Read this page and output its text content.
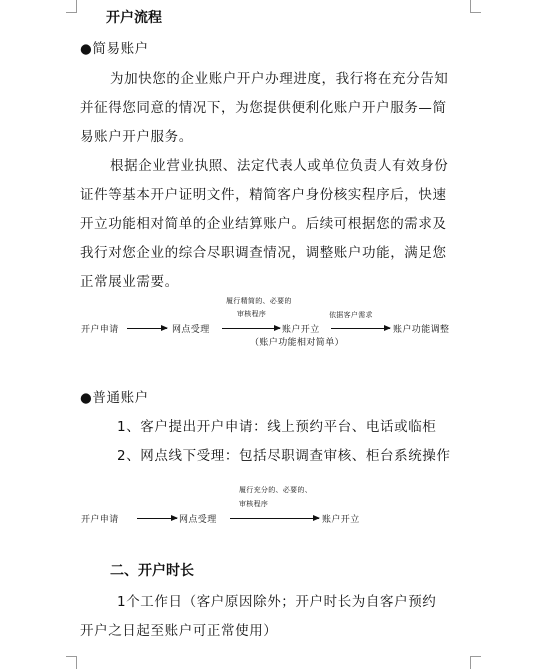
开户流程
●简易账户
为加快您的企业账户开户办理进度，我行将在充分告知
并征得您同意的情况下，为您提供便利化账户开户服务—简
易账户开户服务。
根据企业营业执照、法定代表人或单位负责人有效身份
证件等基本开户证明文件，精简客户身份核实程序后，快速
开立功能相对简单的企业结算账户。后续可根据您的需求及
我行对您企业的综合尽职调查情况，调整账户功能，满足您
正常展业需要。
履行精简的、必要的
审核程序	依据客户需求
开户申请	网点受理	账户开立	账户功能调整
（账户功能相对简单）
●普通账户
1、客户提出开户申请：线上预约平台、电话或临柜
2、网点线下受理：包括尽职调查审核、柜台系统操作
履行充分的、必要的、
审核程序
开户申请	网点受理	账户开立
二、开户时长
1个工作日（客户原因除外；开户时长为自客户预约
开户之日起至账户可正常使用）
